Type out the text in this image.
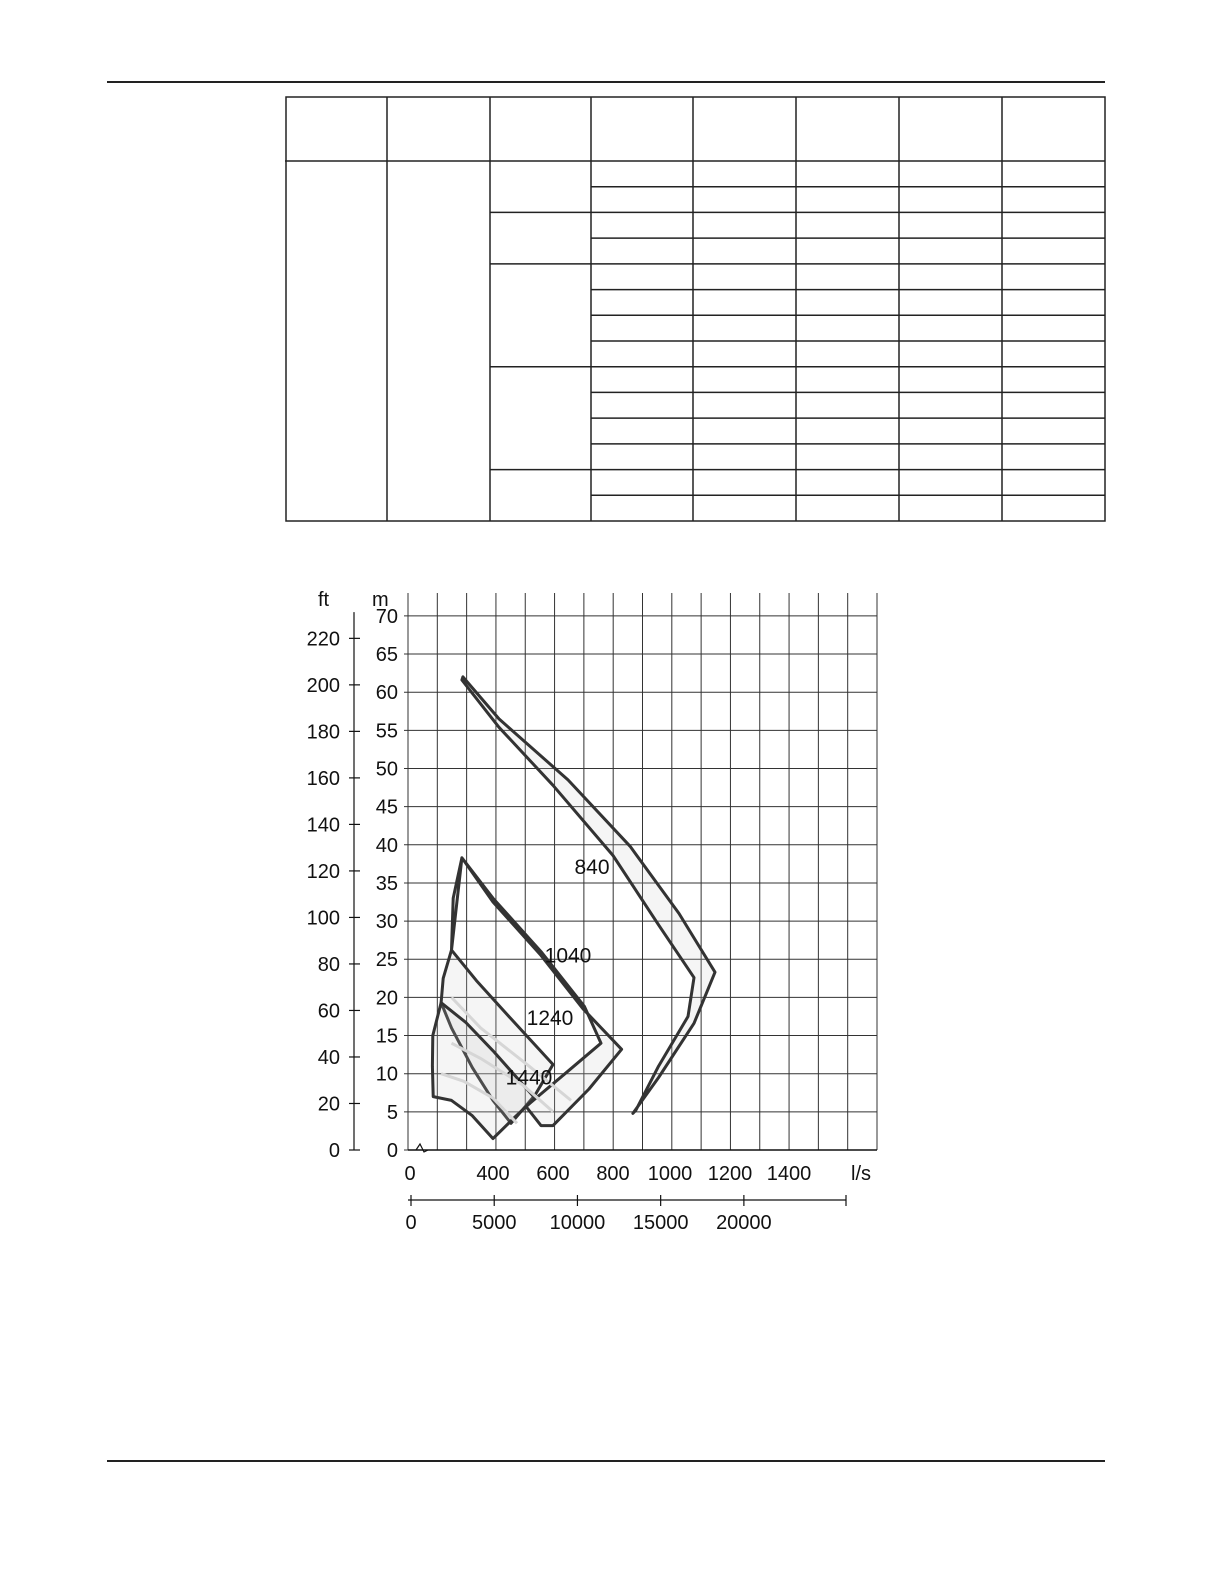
0
5
10
15
20
25
30
35
40
45
50
55
60
65
70
m
0
20
40
60
80
100
120
140
160
180
200
220
ft
0	400 600 800 1000 1200 1400 l/s
0	5000 10000 15000 20000
840
1040
1240
1440
